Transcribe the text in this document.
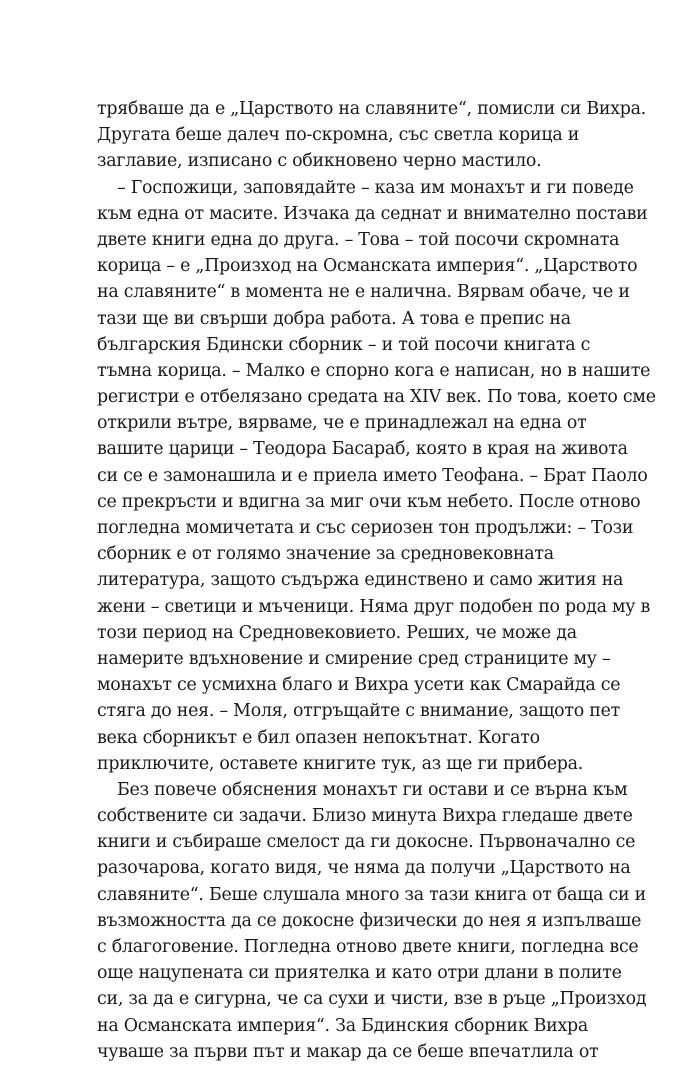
трябваше да е „Царството на славяните“, помисли си Вихра.
Другата беше далеч по-скромна, със светла корица и
заглавие, изписано с обикновено черно мастило.
– Госпожици, заповядайте – каза им монахът и ги поведе
към една от масите. Изчака да седнат и внимателно постави
двете книги една до друга. – Това – той посочи скромната
корица – е „Произход на Османската империя“. „Царството
на славяните“ в момента не е налична. Вярвам обаче, че и
тази ще ви свърши добра работа. А това е препис на
българския Бдински сборник – и той посочи книгата с
тъмна корица. – Малко е спорно кога е написан, но в нашите
регистри е отбелязано средата на XIV век. По това, което сме
открили вътре, вярваме, че е принадлежал на една от
вашите царици – Теодора Басараб, която в края на живота
си се е замонашила и е приела името Теофана. – Брат Паоло
се прекръсти и вдигна за миг очи към небето. После отново
погледна момичетата и със сериозен тон продължи: – Този
сборник е от голямо значение за средновековната
литература, защото съдържа единствено и само жития на
жени – светици и мъченици. Няма друг подобен по рода му в
този период на Средновековието. Реших, че може да
намерите вдъхновение и смирение сред страниците му –
монахът се усмихна благо и Вихра усети как Смарайда се
стяга до нея. – Моля, отгръщайте с внимание, защото пет
века сборникът е бил опазен непокътнат. Когато
приключите, оставете книгите тук, аз ще ги прибера.
Без повече обяснения монахът ги остави и се върна към
собствените си задачи. Близо минута Вихра гледаше двете
книги и събираше смелост да ги докосне. Първоначално се
разочарова, когато видя, че няма да получи „Царството на
славяните“. Беше слушала много за тази книга от баща си и
възможността да се докосне физически до нея я изпълваше
с благоговение. Погледна отново двете книги, погледна все
още нацупената си приятелка и като отри длани в полите
си, за да е сигурна, че са сухи и чисти, взе в ръце „Произход
на Османската империя“. За Бдинския сборник Вихра
чуваше за първи път и макар да се беше впечатлила от
